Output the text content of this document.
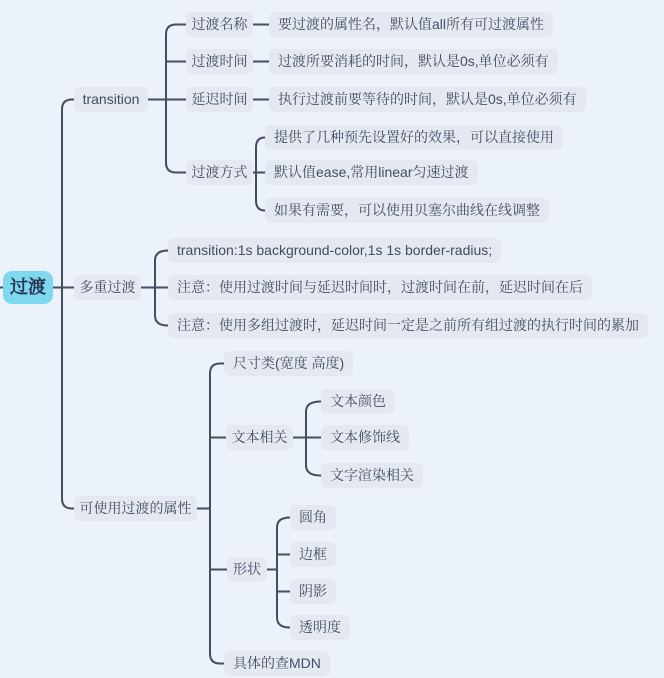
过渡
transition
过渡名称
过渡时间
延迟时间
过渡方式
要过渡的属性名，默认值all所有可过渡属性
过渡所要消耗的时间，默认是0s,单位必须有
执行过渡前要等待的时间，默认是0s,单位必须有
提供了几种预先设置好的效果，可以直接使用
默认值ease,常用linear匀速过渡
如果有需要，可以使用贝塞尔曲线在线调整
多重过渡
transition:1s background-color,1s 1s border-radius;
注意：使用过渡时间与延迟时间时，过渡时间在前，延迟时间在后
注意：使用多组过渡时，延迟时间一定是之前所有组过渡的执行时间的累加
可使用过渡的属性
尺寸类(宽度 高度)
文本相关
文本颜色
文本修饰线
文字渲染相关
形状
圆角
边框
阴影
透明度
具体的查MDN
